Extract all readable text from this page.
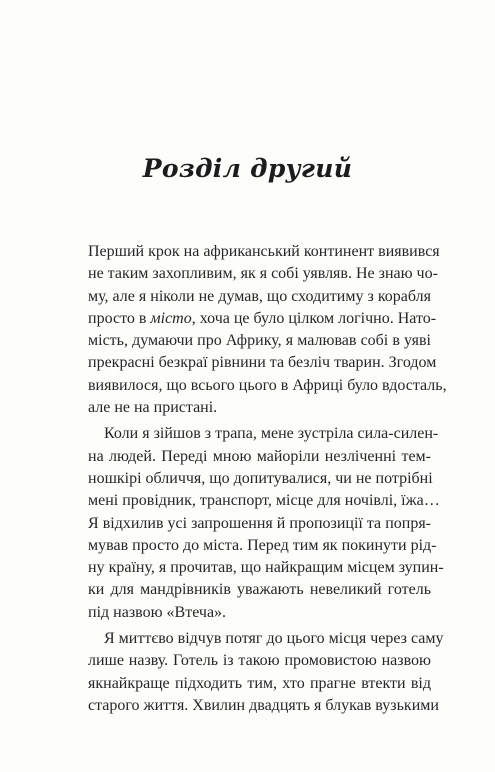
Розділ другий
Перший крок на африканський континент виявився
не таким захопливим, як я собі уявляв. Не знаю чо-
му, але я ніколи не думав, що сходитиму з корабля
просто в місто, хоча це було цілком логічно. Нато-
мість, думаючи про Африку, я малював собі в уяві
прекрасні безкраї рівнини та безліч тварин. Згодом
виявилося, що всього цього в Африці було вдосталь,
але не на пристані.
Коли я зійшов з трапа, мене зустріла сила-силен-
на людей. Переді мною майоріли незліченні тем-
ношкірі обличчя, що допитувалися, чи не потрібні
мені провідник, транспорт, місце для ночівлі, їжа…
Я відхилив усі запрошення й пропозиції та попря-
мував просто до міста. Перед тим як покинути рід-
ну країну, я прочитав, що найкращим місцем зупин-
ки для мандрівників уважають невеликий готель
під назвою «Втеча».
Я миттєво відчув потяг до цього місця через саму
лише назву. Готель із такою промовистою назвою
якнайкраще підходить тим, хто прагне втекти від
старого життя. Хвилин двадцять я блукав вузькими
